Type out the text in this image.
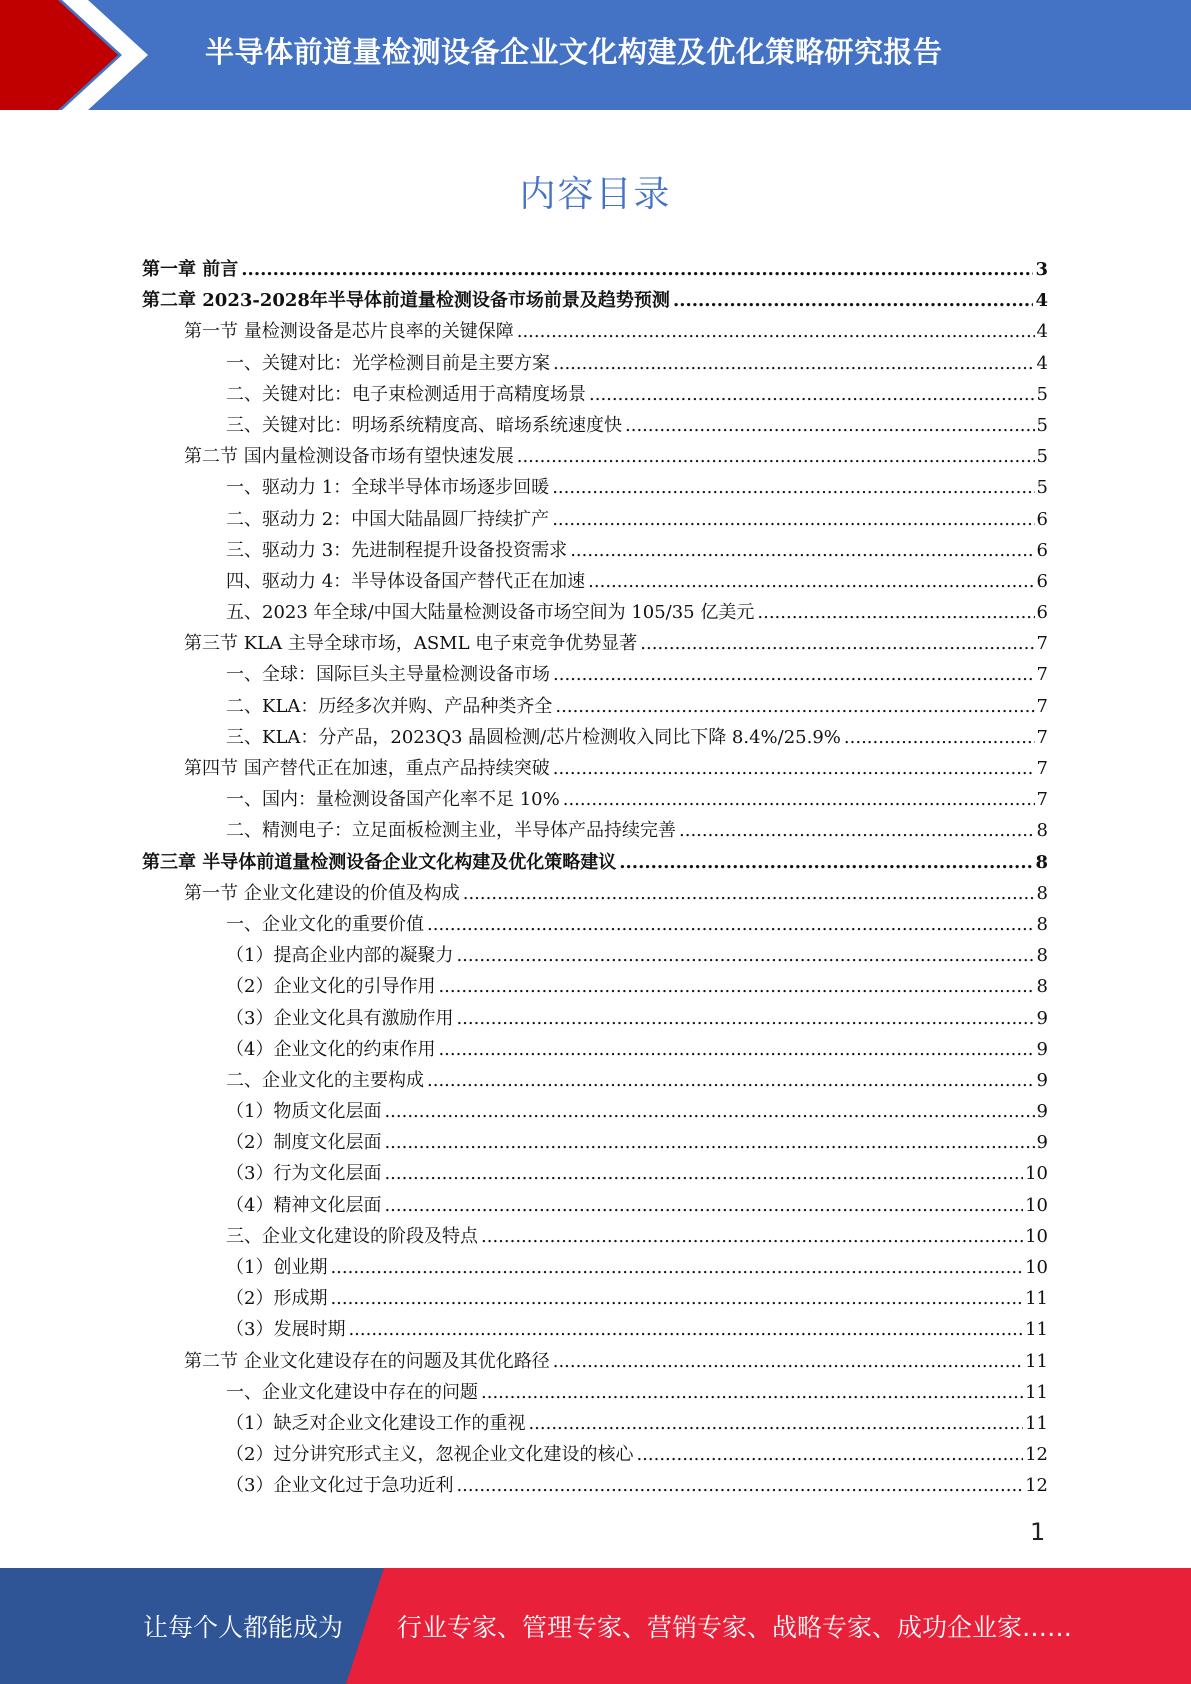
半导体前道量检测设备企业文化构建及优化策略研究报告
内容目录
第一章 前言 .....	3
第二章 2023-2028年半导体前道量检测设备市场前景及趋势预测 .....	4
第一节 量检测设备是芯片良率的关键保障 .....	4
一、关键对比：光学检测目前是主要方案 .....	4
二、关键对比：电子束检测适用于高精度场景 .....	5
三、关键对比：明场系统精度高、暗场系统速度快 .....	5
第二节 国内量检测设备市场有望快速发展 .....	5
一、驱动力 1：全球半导体市场逐步回暖 .....	5
二、驱动力 2：中国大陆晶圆厂持续扩产 .....	6
三、驱动力 3：先进制程提升设备投资需求 .....	6
四、驱动力 4：半导体设备国产替代正在加速 .....	6
五、2023 年全球/中国大陆量检测设备市场空间为 105/35 亿美元 .....	6
第三节 KLA 主导全球市场，ASML 电子束竞争优势显著 .....	7
一、全球：国际巨头主导量检测设备市场 .....	7
二、KLA：历经多次并购、产品种类齐全 .....	7
三、KLA：分产品，2023Q3 晶圆检测/芯片检测收入同比下降 8.4%/25.9% .....	7
第四节 国产替代正在加速，重点产品持续突破 .....	7
一、国内：量检测设备国产化率不足 10% .....	7
二、精测电子：立足面板检测主业，半导体产品持续完善 .....	8
第三章 半导体前道量检测设备企业文化构建及优化策略建议 .....	8
第一节 企业文化建设的价值及构成 .....	8
一、企业文化的重要价值 .....	8
（1）提高企业内部的凝聚力 .....	8
（2）企业文化的引导作用 .....	8
（3）企业文化具有激励作用 .....	9
（4）企业文化的约束作用 .....	9
二、企业文化的主要构成 .....	9
（1）物质文化层面 .....	9
（2）制度文化层面 .....	9
（3）行为文化层面 .....	10
（4）精神文化层面 .....	10
三、企业文化建设的阶段及特点 .....	10
（1）创业期 .....	10
（2）形成期 .....	11
（3）发展时期 .....	11
第二节 企业文化建设存在的问题及其优化路径 .....	11
一、企业文化建设中存在的问题 .....	11
（1）缺乏对企业文化建设工作的重视 .....	11
（2）过分讲究形式主义，忽视企业文化建设的核心 .....	12
（3）企业文化过于急功近利 .....	12
1
让每个人都能成为 行业专家、管理专家、营销专家、战略专家、成功企业家……
